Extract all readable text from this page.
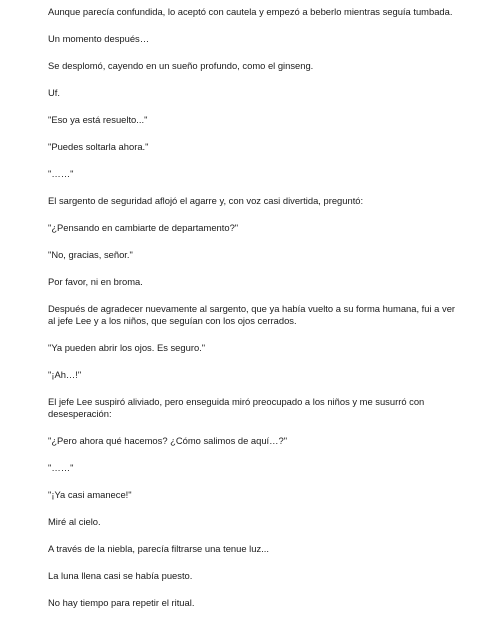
Aunque parecía confundida, lo aceptó con cautela y empezó a beberlo mientras seguía tumbada.

Un momento después…

Se desplomó, cayendo en un sueño profundo, como el ginseng.

Uf.

"Eso ya está resuelto..."

"Puedes soltarla ahora."

"……"

El sargento de seguridad aflojó el agarre y, con voz casi divertida, preguntó:

"¿Pensando en cambiarte de departamento?"

"No, gracias, señor."

Por favor, ni en broma.

Después de agradecer nuevamente al sargento, que ya había vuelto a su forma humana, fui a ver al jefe Lee y a los niños, que seguían con los ojos cerrados.

"Ya pueden abrir los ojos. Es seguro."

"¡Ah…!"

El jefe Lee suspiró aliviado, pero enseguida miró preocupado a los niños y me susurró con desesperación:

"¿Pero ahora qué hacemos? ¿Cómo salimos de aquí…?"

"……"

"¡Ya casi amanece!"

Miré al cielo.

A través de la niebla, parecía filtrarse una tenue luz...

La luna llena casi se había puesto.

No hay tiempo para repetir el ritual.
